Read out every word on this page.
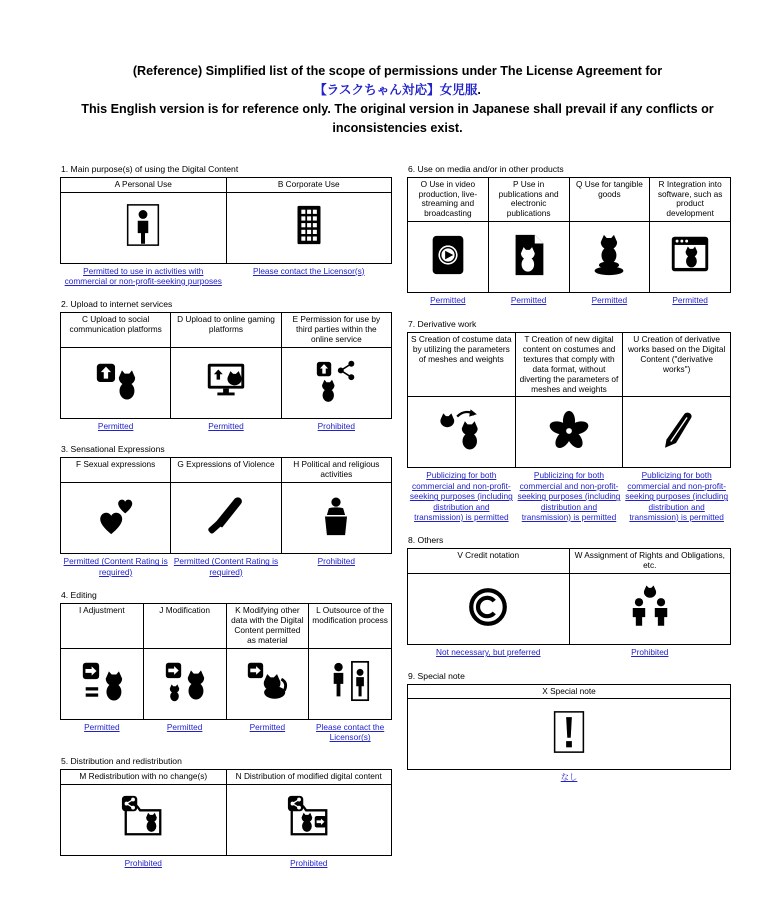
(Reference) Simplified list of the scope of permissions under The License Agreement for
【ラスクちゃん対応】女児服.
This English version is for reference only. The original version in Japanese shall prevail if any conflicts or inconsistencies exist.
1. Main purpose(s) of using the Digital Content
A Personal Use	B Corporate Use

Permitted to use in activities with commercial or non-profit-seeking purposes	Please contact the Licensor(s)
2. Upload to internet services
C Upload to social communication platforms	D Upload to online gaming platforms	E Permission for use by third parties within the online service

Permitted	Permitted	Prohibited
3. Sensational Expressions
F Sexual expressions	G Expressions of Violence	H Political and religious activities

Permitted (Content Rating is required)	Permitted (Content Rating is required)	Prohibited
4. Editing
I Adjustment	J Modification	K Modifying other data with the Digital Content permitted as material	L Outsource of the modification process

Permitted	Permitted	Permitted	Please contact the Licensor(s)
5. Distribution and redistribution
M Redistribution with no change(s)	N Distribution of modified digital content

Prohibited	Prohibited
6. Use on media and/or in other products
O Use in video production, live-streaming and broadcasting	P Use in publications and electronic publications	Q Use for tangible goods	R Integration into software, such as product development

Permitted	Permitted	Permitted	Permitted
7. Derivative work
S Creation of costume data by utilizing the parameters of meshes and weights	T Creation of new digital content on costumes and textures that comply with data format, without diverting the parameters of meshes and weights	U Creation of derivative works based on the Digital Content ("derivative works")

Publicizing for both commercial and non-profit-seeking purposes (including distribution and transmission) is permitted	Publicizing for both commercial and non-profit-seeking purposes (including distribution and transmission) is permitted	Publicizing for both commercial and non-profit-seeking purposes (including distribution and transmission) is permitted
8. Others
V Credit notation	W Assignment of Rights and Obligations, etc.

Not necessary, but preferred	Prohibited
9. Special note
X Special note

なし
